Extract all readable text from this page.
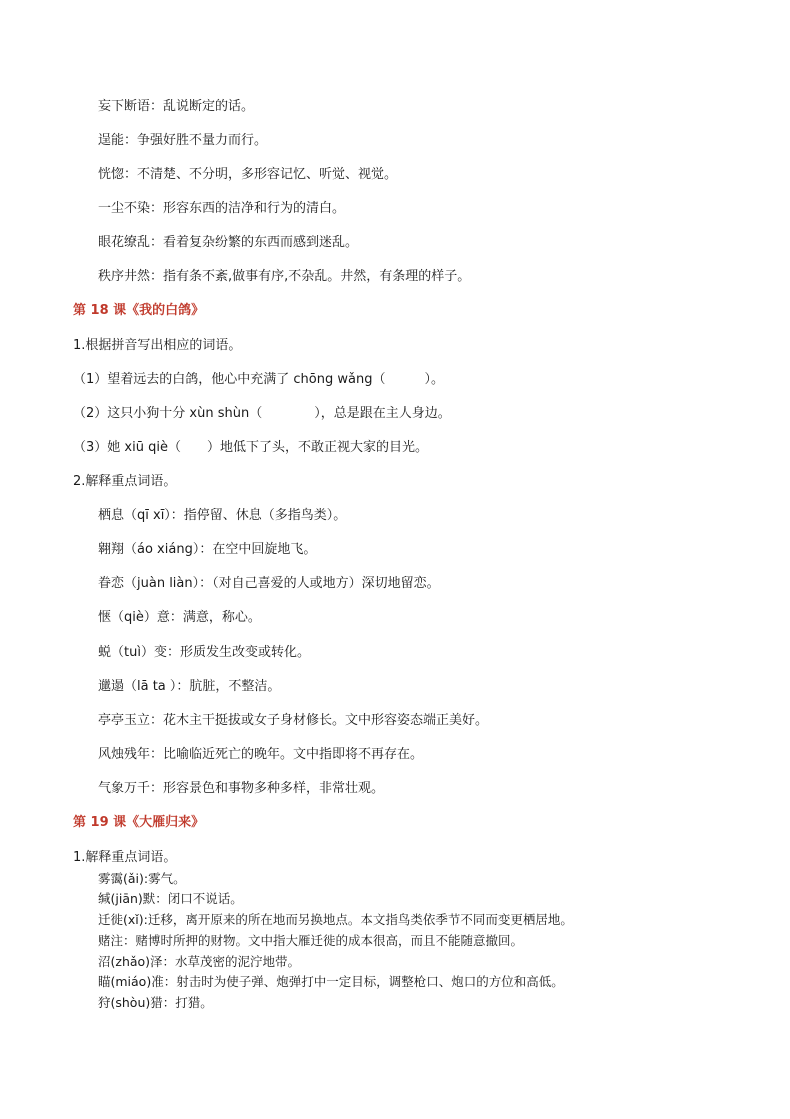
妄下断语：乱说断定的话。
逞能：争强好胜不量力而行。
恍惚：不清楚、不分明，多形容记忆、听觉、视觉。
一尘不染：形容东西的洁净和行为的清白。
眼花缭乱：看着复杂纷繁的东西而感到迷乱。
秩序井然：指有条不紊,做事有序,不杂乱。井然，有条理的样子。
第 18 课《我的白鸽》
1.根据拼音写出相应的词语。
（1）望着远去的白鸽，他心中充满了 chōng wǎng（　　　）。
（2）这只小狗十分 xùn shùn（　　　　），总是跟在主人身边。
（3）她 xiū qiè（　　）地低下了头，不敢正视大家的目光。
2.解释重点词语。
栖息（qī xī）：指停留、休息（多指鸟类）。
翱翔（áo xiáng）：在空中回旋地飞。
眷恋（juàn liàn）：（对自己喜爱的人或地方）深切地留恋。
惬（qiè）意：满意，称心。
蜕（tuì）变：形质发生改变或转化。
邋遢（lā ta ）：肮脏，不整洁。
亭亭玉立：花木主干挺拔或女子身材修长。文中形容姿态端正美好。
风烛残年：比喻临近死亡的晚年。文中指即将不再存在。
气象万千：形容景色和事物多种多样，非常壮观。
第 19 课《大雁归来》
1.解释重点词语。
雾霭(ǎi):雾气。
缄(jiān)默：闭口不说话。
迁徙(xǐ):迁移，离开原来的所在地而另换地点。本文指鸟类依季节不同而变更栖居地。
赌注：赌博时所押的财物。文中指大雁迁徙的成本很高，而且不能随意撤回。
沼(zhǎo)泽：水草茂密的泥泞地带。
瞄(miáo)准：射击时为使子弹、炮弹打中一定目标，调整枪口、炮口的方位和高低。
狩(shòu)猎：打猎。
